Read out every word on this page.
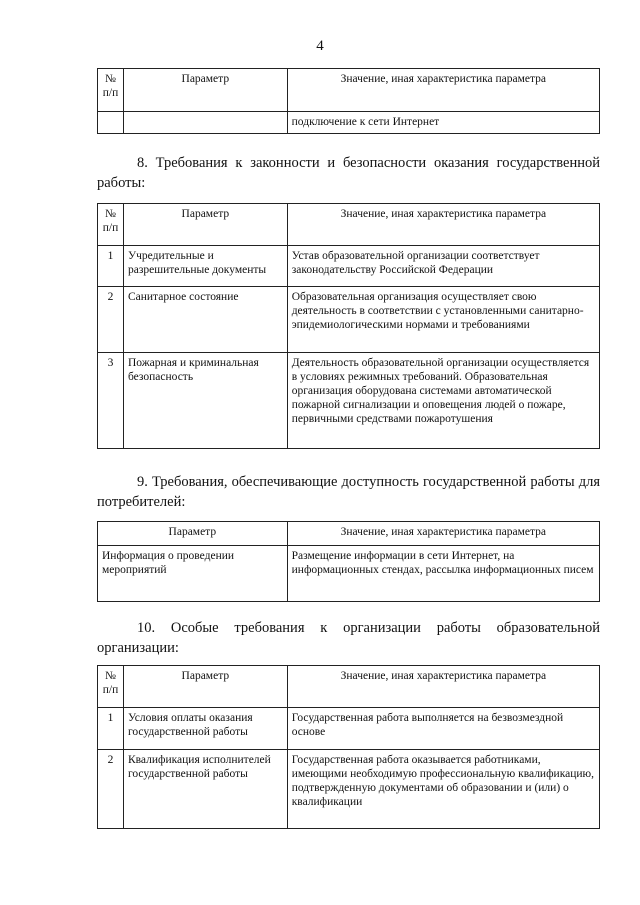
4
№ п/п	Параметр	Значение, иная характеристика параметра
		подключение к сети Интернет
8. Требования к законности и безопасности оказания государственной работы:
№ п/п	Параметр	Значение, иная характеристика параметра
1	Учредительные и разрешительные документы	Устав образовательной организации соответствует законодательству Российской Федерации
2	Санитарное состояние	Образовательная организация осуществляет свою деятельность в соответствии с установленными санитарно-эпидемиологическими нормами и требованиями
3	Пожарная и криминальная безопасность	Деятельность образовательной организации осуществляется в условиях режимных требований. Образовательная организация оборудована системами автоматической пожарной сигнализации и оповещения людей о пожаре, первичными средствами пожаротушения
9. Требования, обеспечивающие доступность государственной работы для потребителей:
Параметр	Значение, иная характеристика параметра
Информация о проведении мероприятий	Размещение информации в сети Интернет, на информационных стендах, рассылка информационных писем
10. Особые требования к организации работы образовательной организации:
№ п/п	Параметр	Значение, иная характеристика параметра
1	Условия оплаты оказания государственной работы	Государственная работа выполняется на безвозмездной основе
2	Квалификация исполнителей государственной работы	Государственная работа оказывается работниками, имеющими необходимую профессиональную квалификацию, подтвержденную документами об образовании и (или) о квалификации
